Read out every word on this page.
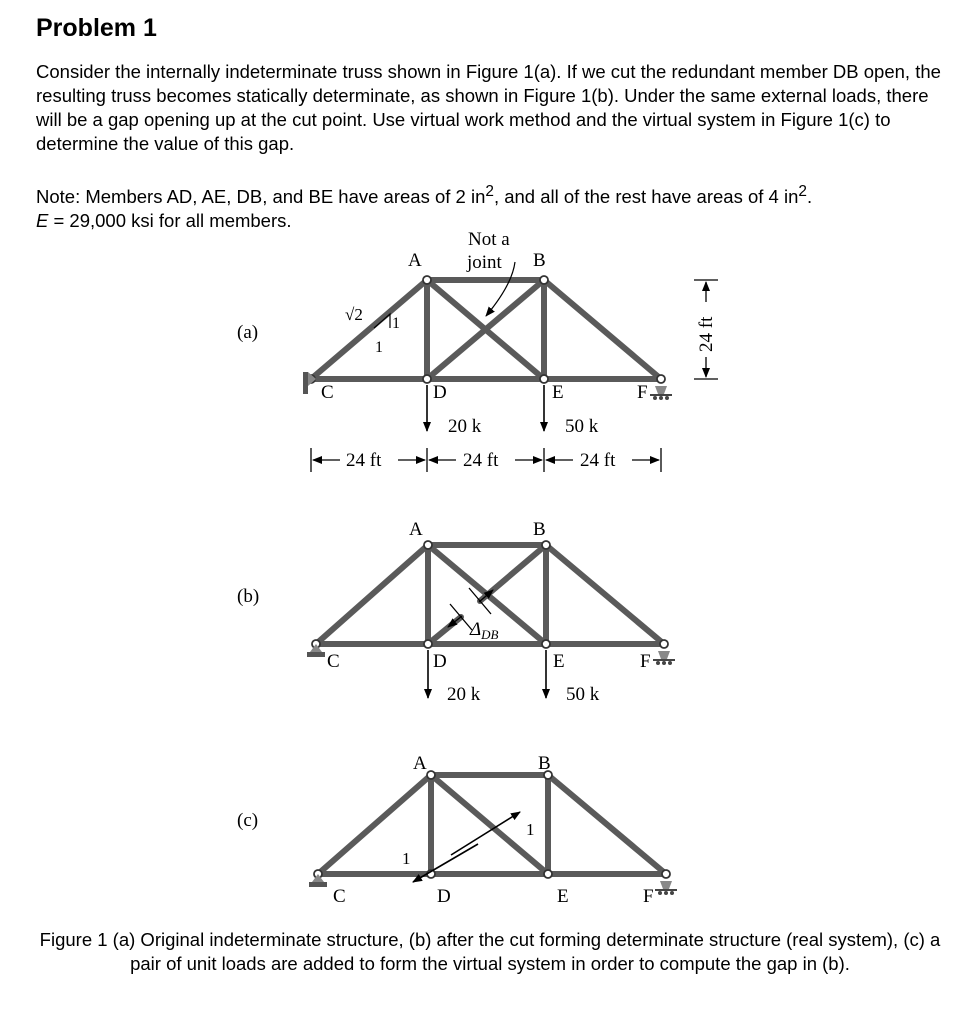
Problem 1

Consider the internally indeterminate truss shown in Figure 1(a). If we cut the redundant member DB open, the resulting truss becomes statically determinate, as shown in Figure 1(b). Under the same external loads, there will be a gap opening up at the cut point. Use virtual work method and the virtual system in Figure 1(c) to determine the value of this gap.

Note: Members AD, AE, DB, and BE have areas of 2 $in^2$, and all of the rest have areas of 4 $in^2$.
E = 29,000 ksi for all members.

(a)
A	B
C	D	E	F
Not a
joint
√2 1
1
20 k	50 k
24 ft	24 ft	24 ft
24 ft
(b)
A	B
C	D	E	F
$\Delta_{DB}$
20 k	50 k
(c)
A	B
C	D	E	F
1
1

Figure 1 (a) Original indeterminate structure, (b) after the cut forming determinate structure (real system), (c) a pair of unit loads are added to form the virtual system in order to compute the gap in (b).
